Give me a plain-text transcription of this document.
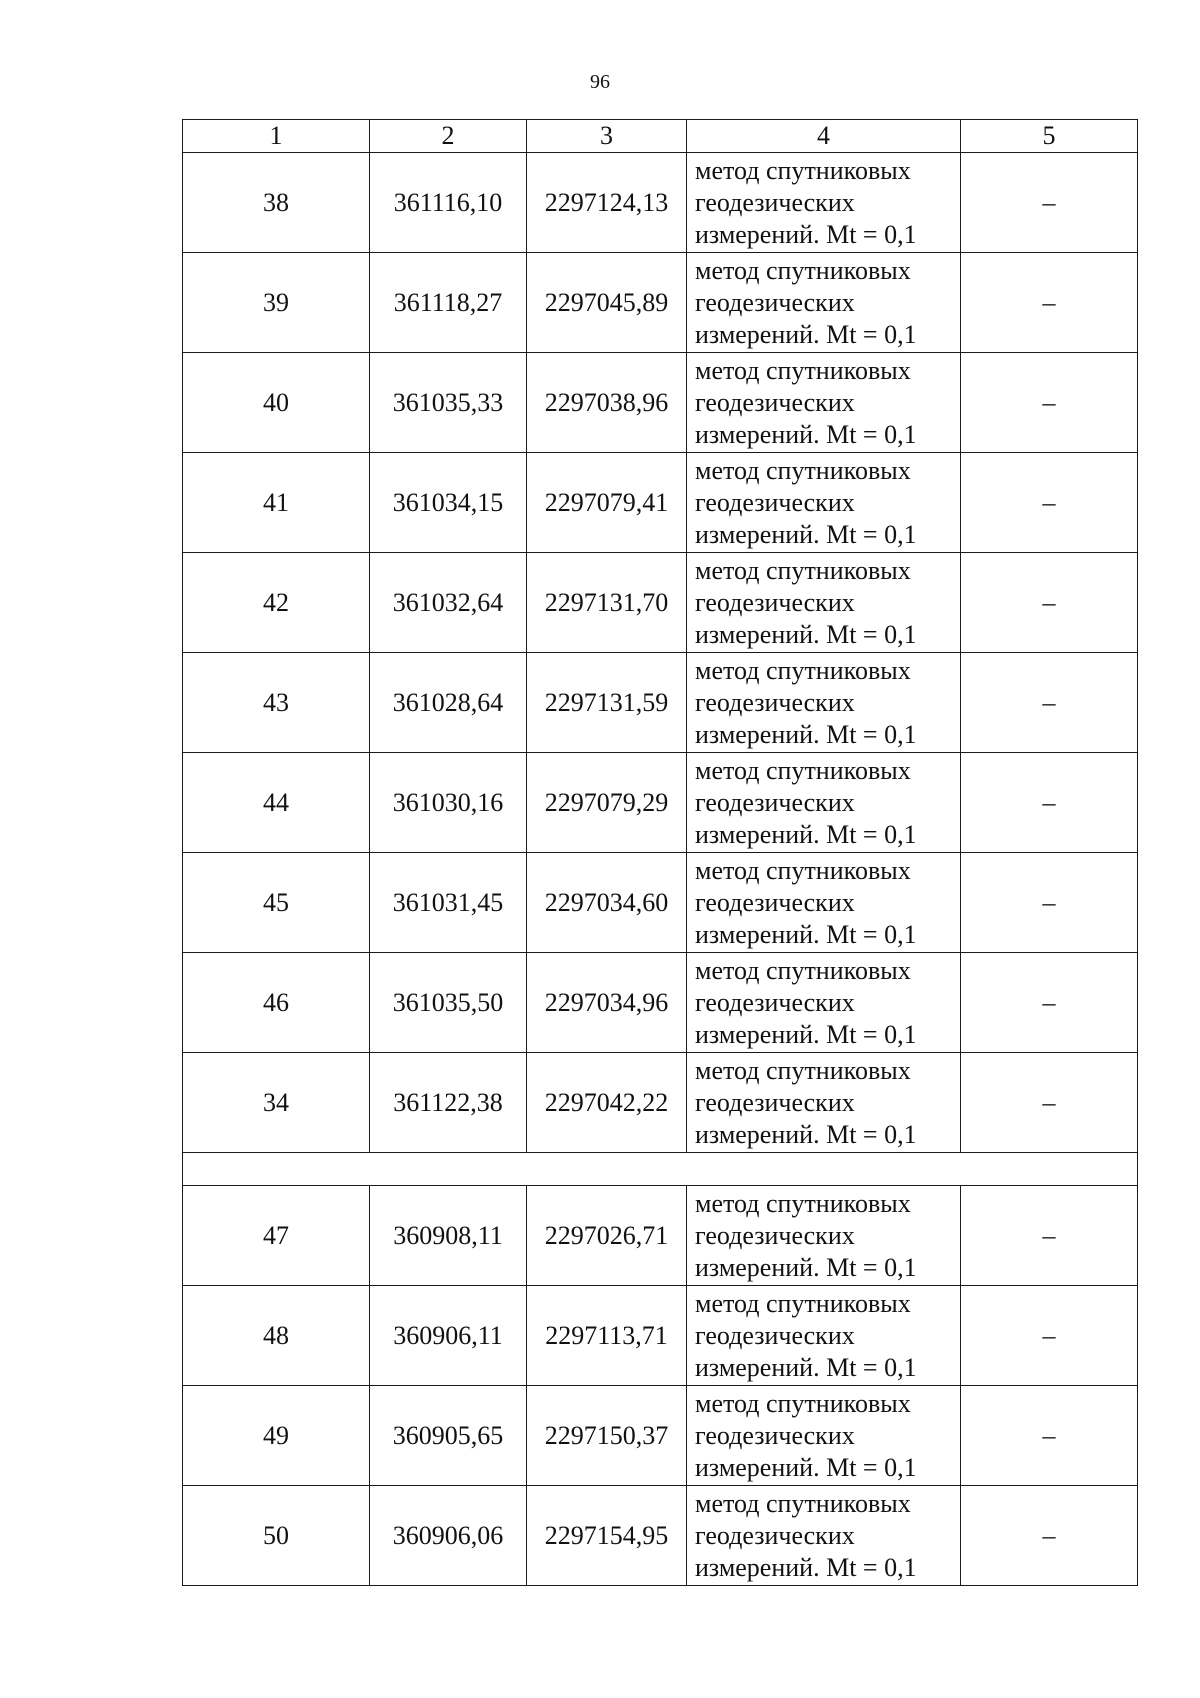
96
1	2	3	4	5
38	361116,10	2297124,13	метод спутниковых
геодезических
измерений. Mt = 0,1	–
39	361118,27	2297045,89	метод спутниковых
геодезических
измерений. Mt = 0,1	–
40	361035,33	2297038,96	метод спутниковых
геодезических
измерений. Mt = 0,1	–
41	361034,15	2297079,41	метод спутниковых
геодезических
измерений. Mt = 0,1	–
42	361032,64	2297131,70	метод спутниковых
геодезических
измерений. Mt = 0,1	–
43	361028,64	2297131,59	метод спутниковых
геодезических
измерений. Mt = 0,1	–
44	361030,16	2297079,29	метод спутниковых
геодезических
измерений. Mt = 0,1	–
45	361031,45	2297034,60	метод спутниковых
геодезических
измерений. Mt = 0,1	–
46	361035,50	2297034,96	метод спутниковых
геодезических
измерений. Mt = 0,1	–
34	361122,38	2297042,22	метод спутниковых
геодезических
измерений. Mt = 0,1	–

47	360908,11	2297026,71	метод спутниковых
геодезических
измерений. Mt = 0,1	–
48	360906,11	2297113,71	метод спутниковых
геодезических
измерений. Mt = 0,1	–
49	360905,65	2297150,37	метод спутниковых
геодезических
измерений. Mt = 0,1	–
50	360906,06	2297154,95	метод спутниковых
геодезических
измерений. Mt = 0,1	–
